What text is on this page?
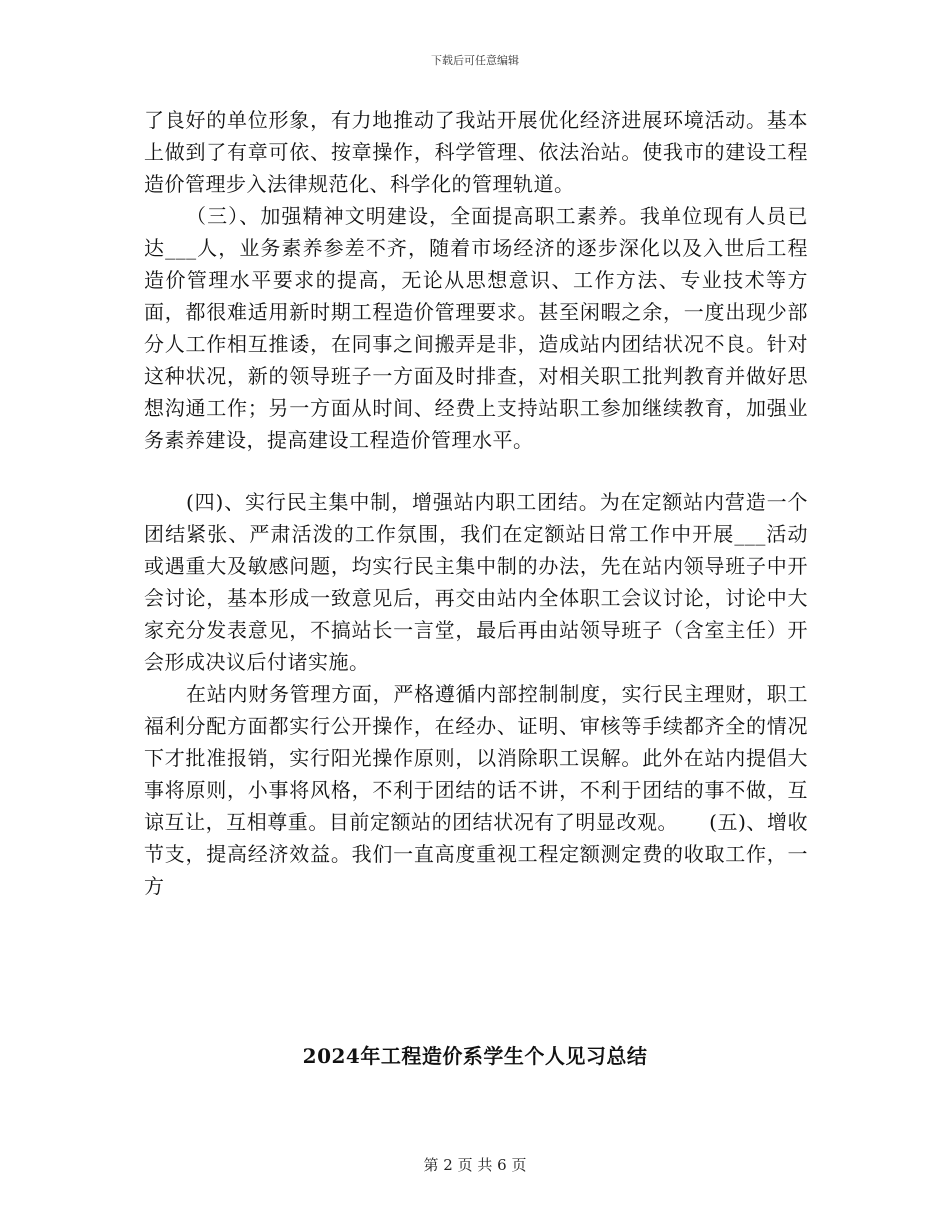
下载后可任意编辑

了良好的单位形象，有力地推动了我站开展优化经济进展环境活动。基本上做到了有章可依、按章操作，科学管理、依法治站。使我市的建设工程造价管理步入法律规范化、科学化的管理轨道。

（三）、加强精神文明建设，全面提高职工素养。我单位现有人员已达___人，业务素养参差不齐，随着市场经济的逐步深化以及入世后工程造价管理水平要求的提高，无论从思想意识、工作方法、专业技术等方面，都很难适用新时期工程造价管理要求。甚至闲暇之余，一度出现少部分人工作相互推诿，在同事之间搬弄是非，造成站内团结状况不良。针对这种状况，新的领导班子一方面及时排查，对相关职工批判教育并做好思想沟通工作；另一方面从时间、经费上支持站职工参加继续教育，加强业务素养建设，提高建设工程造价管理水平。

(四)、实行民主集中制，增强站内职工团结。为在定额站内营造一个团结紧张、严肃活泼的工作氛围，我们在定额站日常工作中开展___活动或遇重大及敏感问题，均实行民主集中制的办法，先在站内领导班子中开会讨论，基本形成一致意见后，再交由站内全体职工会议讨论，讨论中大家充分发表意见，不搞站长一言堂，最后再由站领导班子（含室主任）开会形成决议后付诸实施。

在站内财务管理方面，严格遵循内部控制制度，实行民主理财，职工福利分配方面都实行公开操作，在经办、证明、审核等手续都齐全的情况下才批准报销，实行阳光操作原则，以消除职工误解。此外在站内提倡大事将原则，小事将风格，不利于团结的话不讲，不利于团结的事不做，互谅互让，互相尊重。目前定额站的团结状况有了明显改观。　　(五)、增收节支，提高经济效益。我们一直高度重视工程定额测定费的收取工作，一方

2024年工程造价系学生个人见习总结
第 2 页 共 6 页
